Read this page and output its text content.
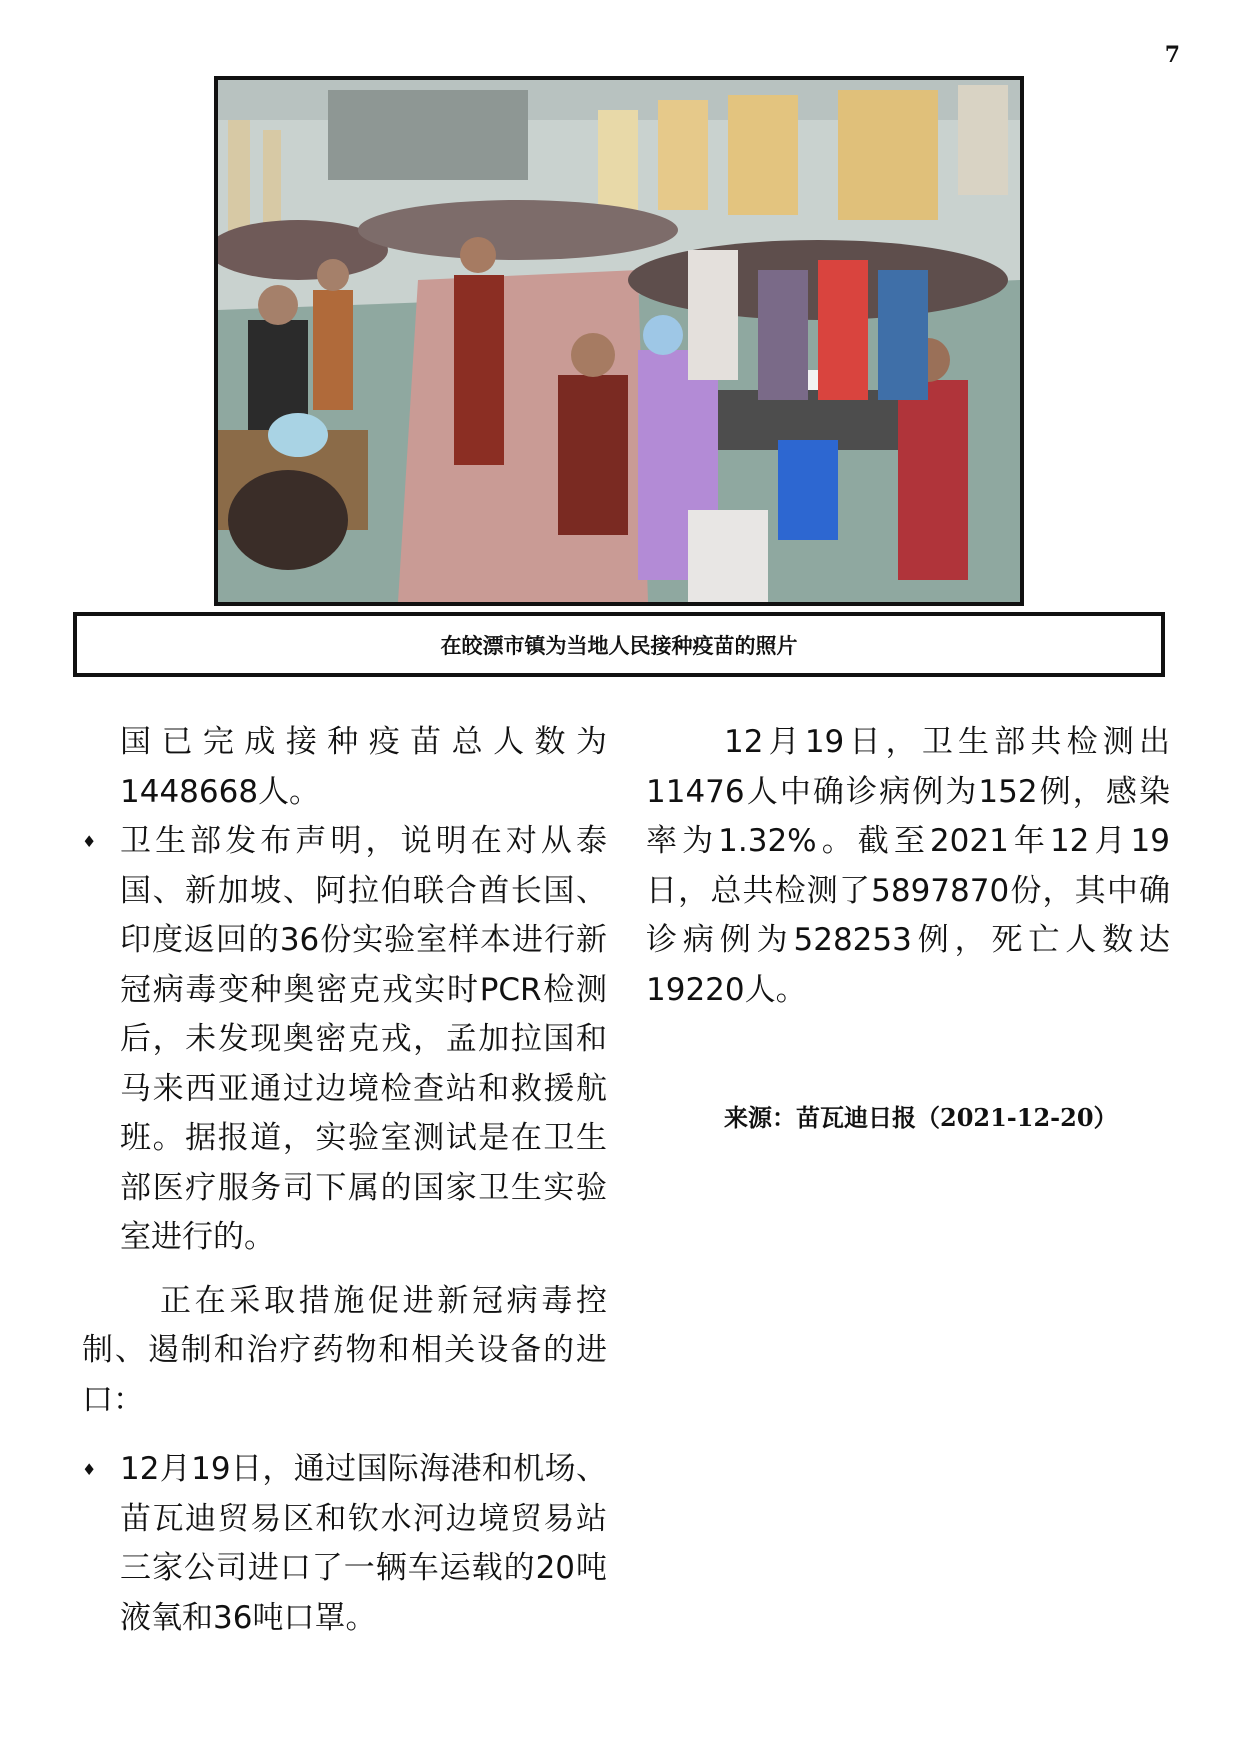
7
在皎漂市镇为当地人民接种疫苗的照片

国已完成接种疫苗总人数为1448668人。

♦ 卫生部发布声明，说明在对从泰国、新加坡、阿拉伯联合酋长国、印度返回的36份实验室样本进行新冠病毒变种奥密克戎实时PCR检测后，未发现奥密克戎，孟加拉国和马来西亚通过边境检查站和救援航班。据报道，实验室测试是在卫生部医疗服务司下属的国家卫生实验室进行的。

正在采取措施促进新冠病毒控制、遏制和治疗药物和相关设备的进口：

♦ 12月19日，通过国际海港和机场、苗瓦迪贸易区和钦水河边境贸易站三家公司进口了一辆车运载的20吨液氧和36吨口罩。

12月19日，卫生部共检测出11476人中确诊病例为152例，感染率为1.32%。截至2021年12月19日，总共检测了5897870份，其中确诊病例为528253例，死亡人数达19220人。

来源：苗瓦迪日报（2021-12-20）
